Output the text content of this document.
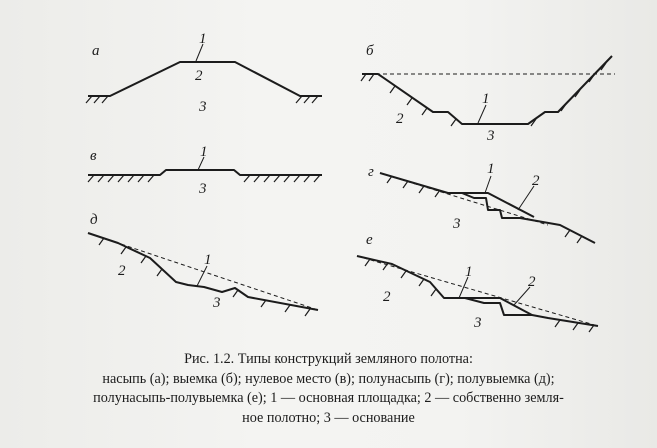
а
1
2
3
б
1
2
3
в	1
3
г	1
2
3
д
1
2
3
е
1
2
2
3
Рис. 1.2. Типы конструкций земляного полотна:
насыпь (а); выемка (б); нулевое место (в); полунасыпь (г); полувыемка (д);
полунасыпь-полувыемка (е); 1 — основная площадка; 2 — собственно земля-
ное полотно; 3 — основание
